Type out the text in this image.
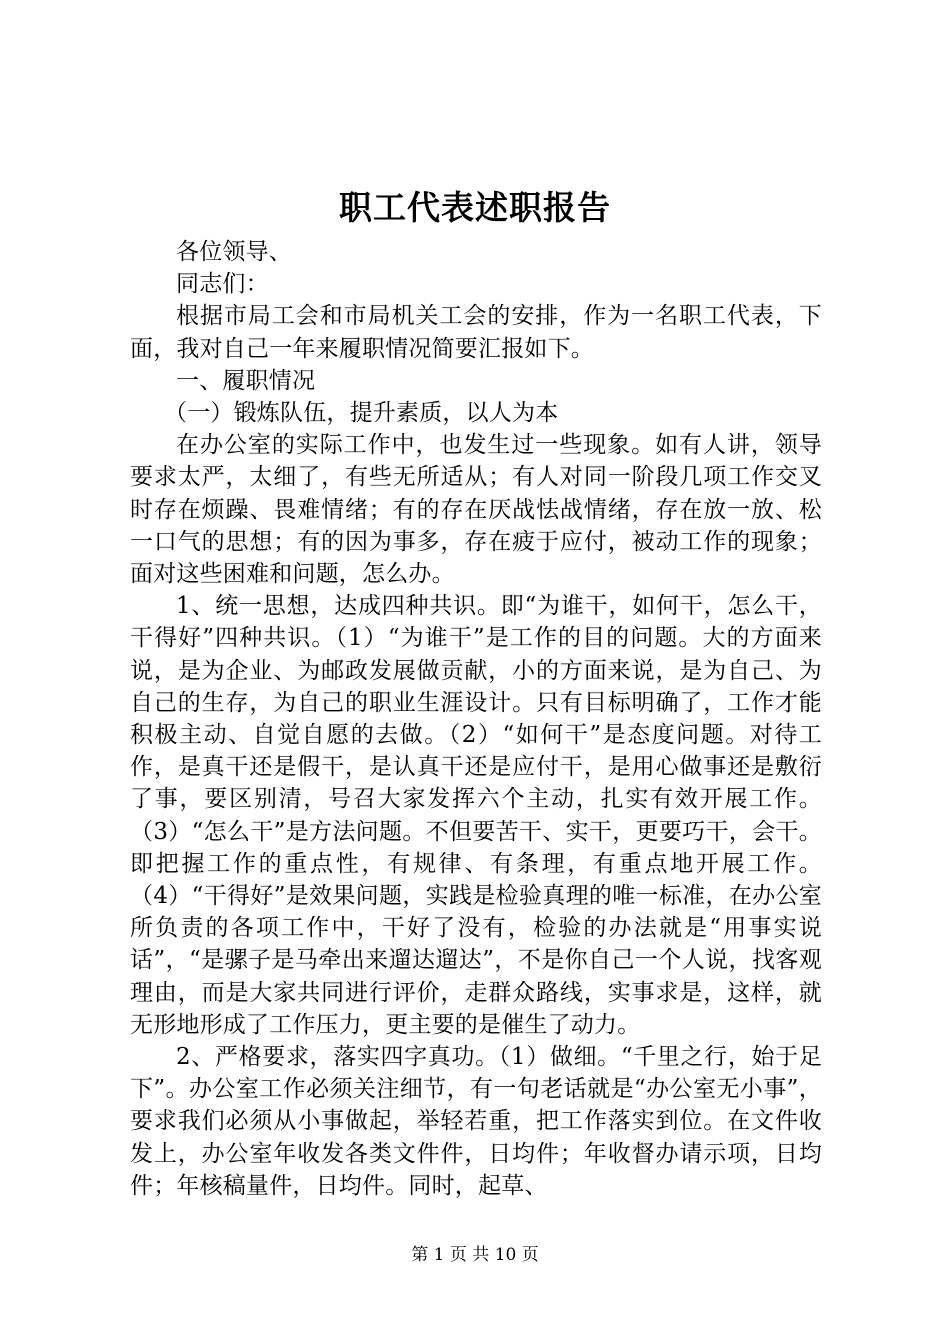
职工代表述职报告

各位领导、

同志们：

根据市局工会和市局机关工会的安排，作为一名职工代表，下面，我对自己一年来履职情况简要汇报如下。

一、履职情况

（一）锻炼队伍，提升素质，以人为本

在办公室的实际工作中，也发生过一些现象。如有人讲，领导要求太严，太细了，有些无所适从；有人对同一阶段几项工作交叉时存在烦躁、畏难情绪；有的存在厌战怯战情绪，存在放一放、松一口气的思想；有的因为事多，存在疲于应付，被动工作的现象；面对这些困难和问题，怎么办。

1、统一思想，达成四种共识。即“为谁干，如何干，怎么干，干得好”四种共识。（1）“为谁干”是工作的目的问题。大的方面来说，是为企业、为邮政发展做贡献，小的方面来说，是为自己、为自己的生存，为自己的职业生涯设计。只有目标明确了，工作才能积极主动、自觉自愿的去做。（2）“如何干”是态度问题。对待工作，是真干还是假干，是认真干还是应付干，是用心做事还是敷衍了事，要区别清，号召大家发挥六个主动，扎实有效开展工作。（3）“怎么干”是方法问题。不但要苦干、实干，更要巧干，会干。即把握工作的重点性，有规律、有条理，有重点地开展工作。（4）“干得好”是效果问题，实践是检验真理的唯一标准，在办公室所负责的各项工作中，干好了没有，检验的办法就是“用事实说话”，“是骡子是马牵出来遛达遛达”，不是你自己一个人说，找客观理由，而是大家共同进行评价，走群众路线，实事求是，这样，就无形地形成了工作压力，更主要的是催生了动力。

2、严格要求，落实四字真功。（1）做细。“千里之行，始于足下”。办公室工作必须关注细节，有一句老话就是“办公室无小事”，要求我们必须从小事做起，举轻若重，把工作落实到位。在文件收发上，办公室年收发各类文件件，日均件；年收督办请示项，日均件；年核稿量件，日均件。同时，起草、

第 1 页 共 10 页
